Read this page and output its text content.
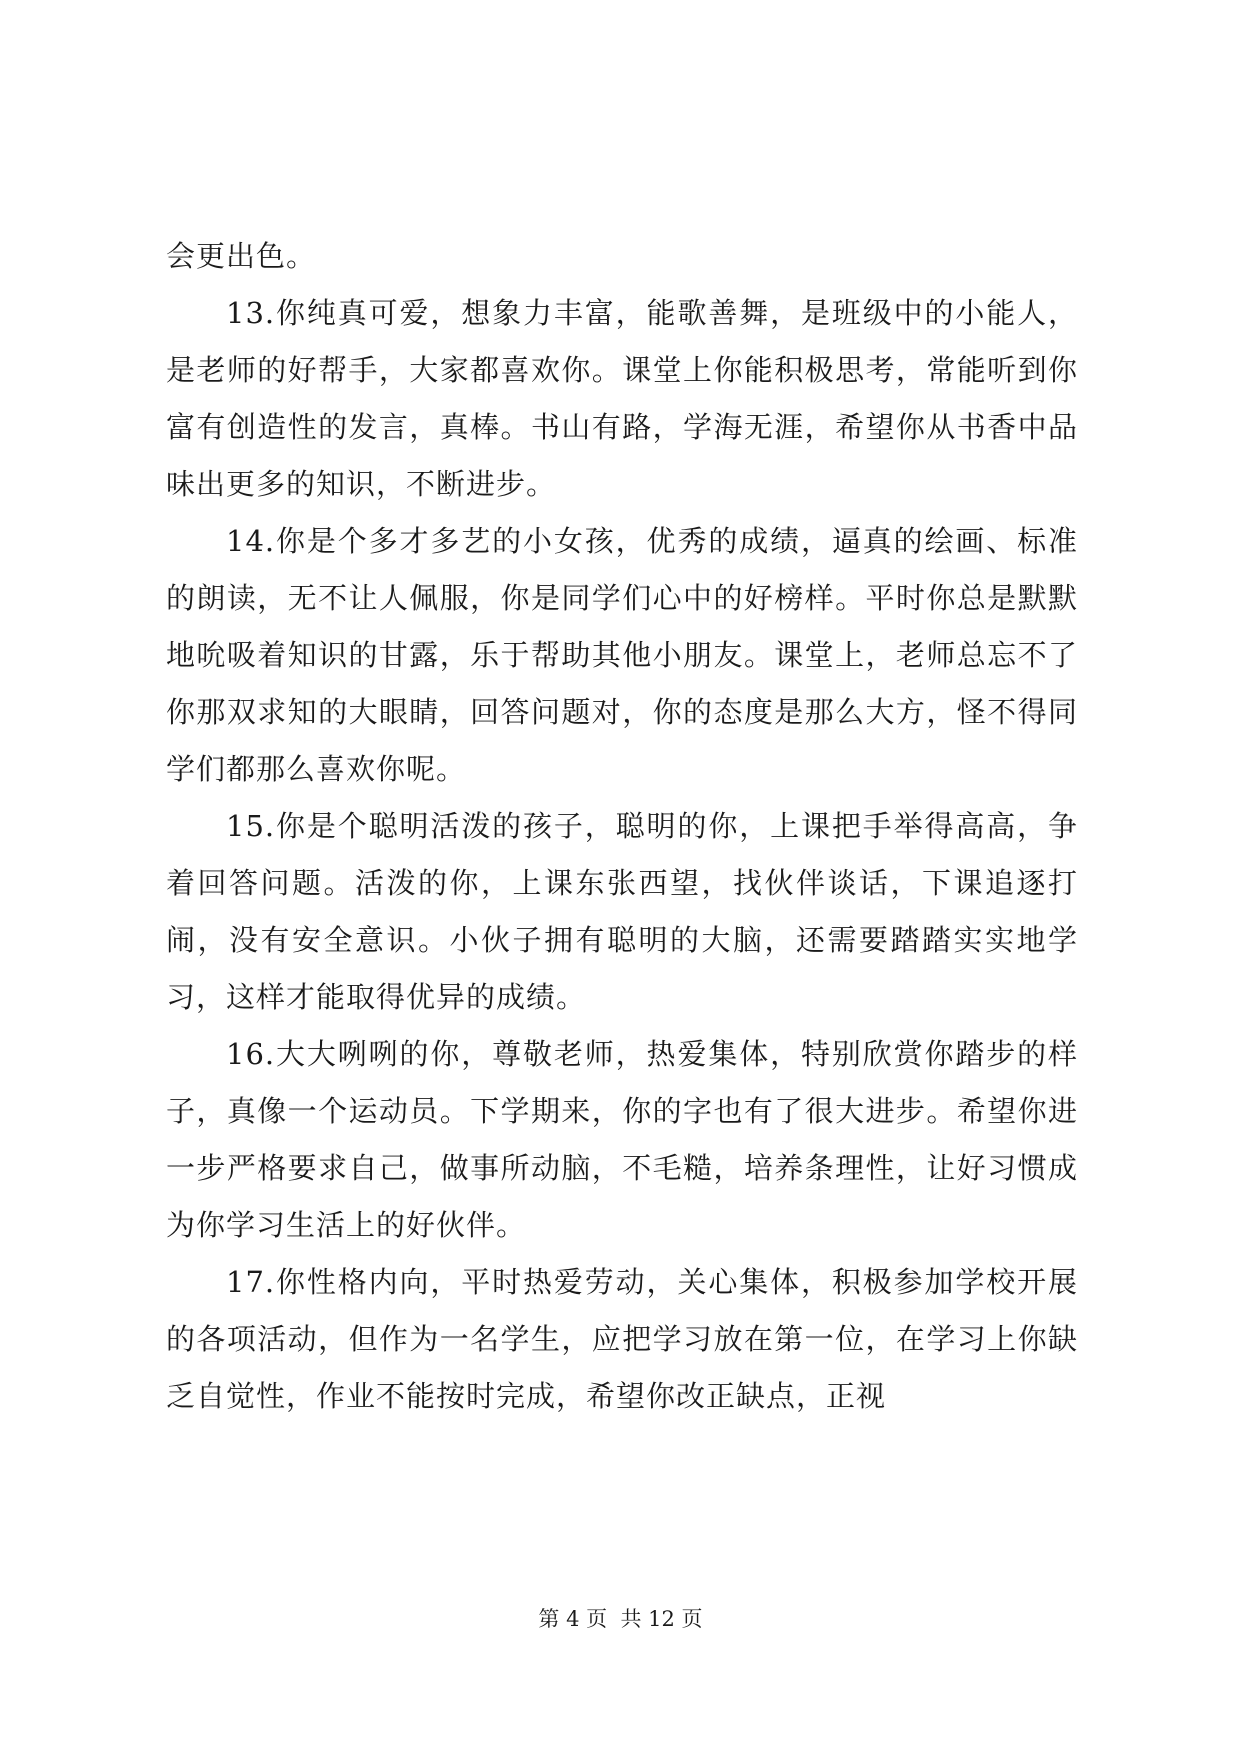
会更出色。

13.你纯真可爱，想象力丰富，能歌善舞，是班级中的小能人，是老师的好帮手，大家都喜欢你。课堂上你能积极思考，常能听到你富有创造性的发言，真棒。书山有路，学海无涯，希望你从书香中品味出更多的知识，不断进步。

14.你是个多才多艺的小女孩，优秀的成绩，逼真的绘画、标准的朗读，无不让人佩服，你是同学们心中的好榜样。平时你总是默默地吮吸着知识的甘露，乐于帮助其他小朋友。课堂上，老师总忘不了你那双求知的大眼睛，回答问题对，你的态度是那么大方，怪不得同学们都那么喜欢你呢。

15.你是个聪明活泼的孩子，聪明的你，上课把手举得高高，争着回答问题。活泼的你，上课东张西望，找伙伴谈话，下课追逐打闹，没有安全意识。小伙子拥有聪明的大脑，还需要踏踏实实地学习，这样才能取得优异的成绩。

16.大大咧咧的你，尊敬老师，热爱集体，特别欣赏你踏步的样子，真像一个运动员。下学期来，你的字也有了很大进步。希望你进一步严格要求自己，做事所动脑，不毛糙，培养条理性，让好习惯成为你学习生活上的好伙伴。

17.你性格内向，平时热爱劳动，关心集体，积极参加学校开展的各项活动，但作为一名学生，应把学习放在第一位，在学习上你缺乏自觉性，作业不能按时完成，希望你改正缺点，正视

第 4 页  共 12 页
